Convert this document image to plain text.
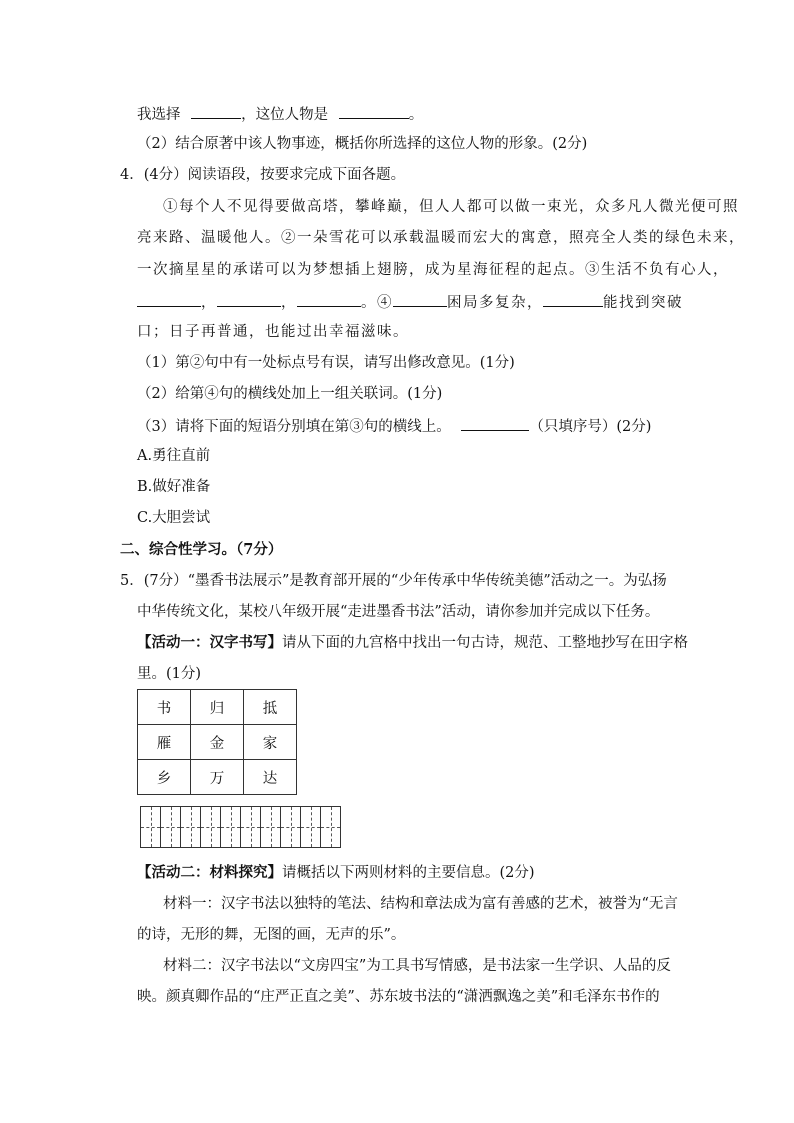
我选择	，这位人物是	。
（2）结合原著中该人物事迹，概括你所选择的这位人物的形象。(2分)
4．(4分）阅读语段，按要求完成下面各题。
①每个人不见得要做高塔，攀峰巅，但人人都可以做一束光，众多凡人微光便可照
亮来路、温暖他人。②一朵雪花可以承载温暖而宏大的寓意，照亮全人类的绿色未来，
一次摘星星的承诺可以为梦想插上翅膀，成为星海征程的起点。③生活不负有心人，
，	，	。④	困局多复杂，	能找到突破
口；日子再普通，也能过出幸福滋味。
（1）第②句中有一处标点号有误，请写出修改意见。(1分)
（2）给第④句的横线处加上一组关联词。(1分)
（3）请将下面的短语分别填在第③句的横线上。	（只填序号）(2分)
A.勇往直前
B.做好准备
C.大胆尝试
二、综合性学习。（7分）
5．(7分）“墨香书法展示”是教育部开展的“少年传承中华传统美德”活动之一。为弘扬
中华传统文化，某校八年级开展“走进墨香书法”活动，请你参加并完成以下任务。
【活动一：汉字书写】请从下面的九宫格中找出一句古诗，规范、工整地抄写在田字格
里。(1分)
书	归	抵
雁	金	家
乡	万	达
【活动二：材料探究】请概括以下两则材料的主要信息。(2分)
材料一：汉字书法以独特的笔法、结构和章法成为富有善感的艺术，被誉为“无言
的诗，无形的舞，无图的画，无声的乐”。
材料二：汉字书法以“文房四宝”为工具书写情感，是书法家一生学识、人品的反
映。颜真卿作品的“庄严正直之美”、苏东坡书法的“潇洒飘逸之美”和毛泽东书作的
